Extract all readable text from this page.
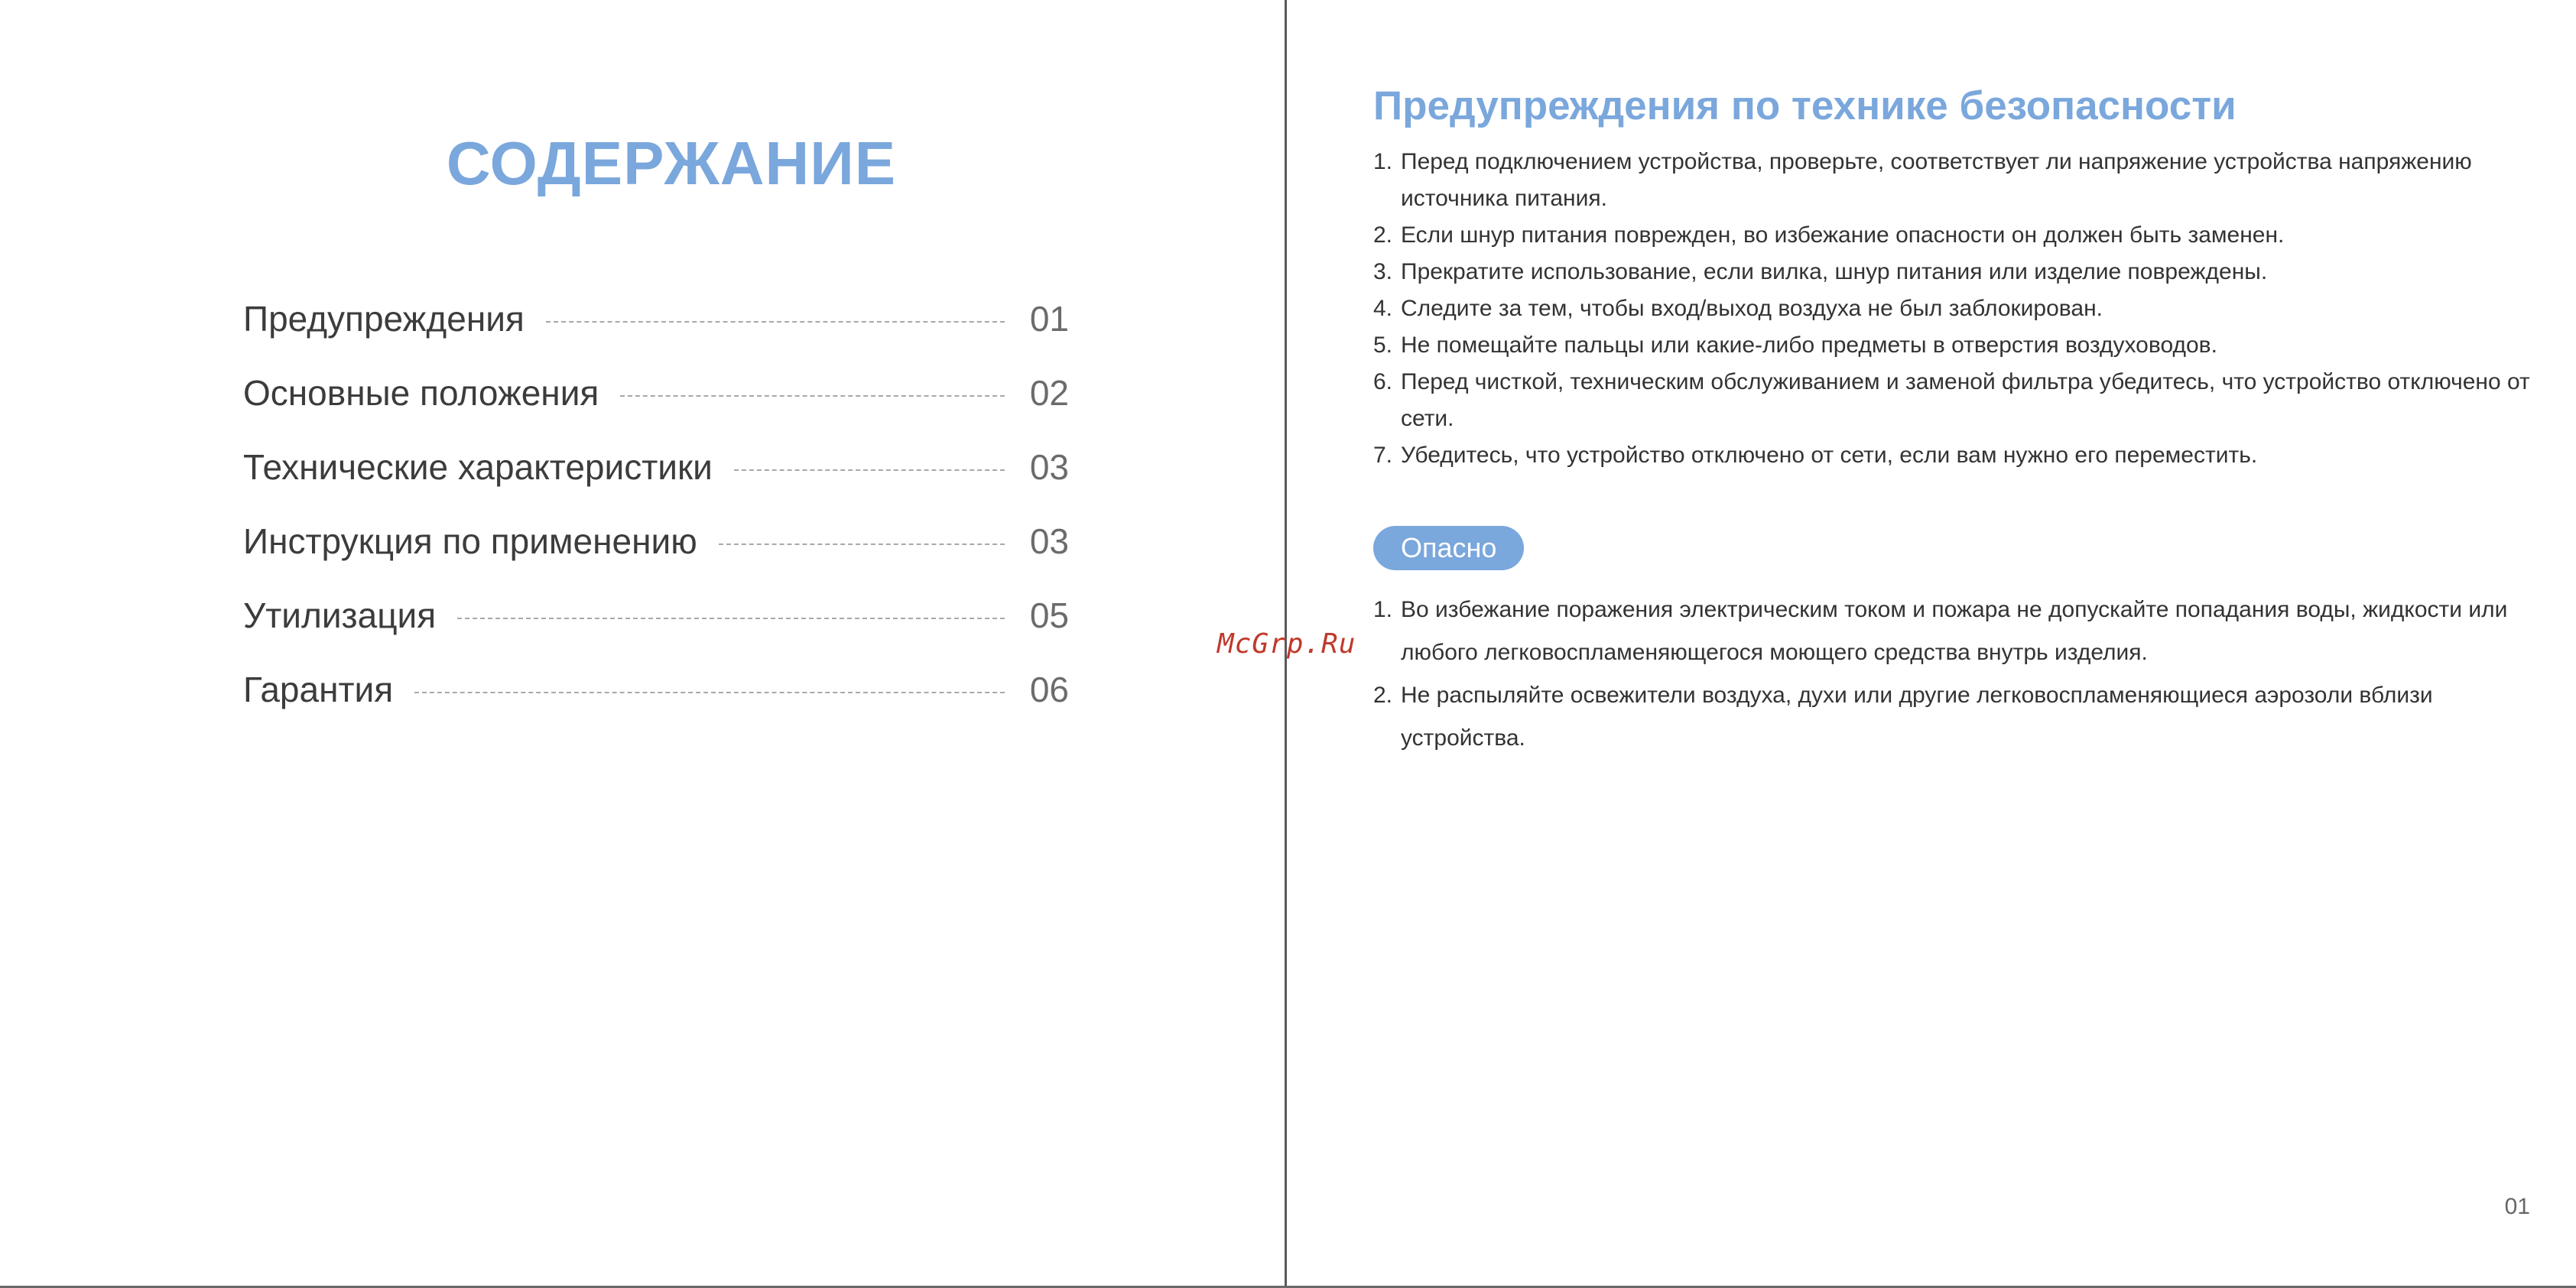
СОДЕРЖАНИЕ
Предупреждения	01
Основные положения	02
Технические характеристики	03
Инструкция по применению	03
Утилизация	05
Гарантия	06
Предупреждения по технике безопасности
1. Перед подключением устройства, проверьте, соответствует ли напряжение устройства напряжению источника питания.
2. Если шнур питания поврежден, во избежание опасности он должен быть заменен.
3. Прекратите использование, если вилка, шнур питания или изделие повреждены.
4. Следите за тем, чтобы вход/выход воздуха не был заблокирован.
5. Не помещайте пальцы или какие-либо предметы в отверстия воздуховодов.
6. Перед чисткой, техническим обслуживанием и заменой фильтра убедитесь, что устройство отключено от сети.
7. Убедитесь, что устройство отключено от сети, если вам нужно его переместить.
Опасно
1. Во избежание поражения электрическим током и пожара не допускайте попадания воды, жидкости или любого легковоспламеняющегося моющего средства внутрь изделия.
2. Не распыляйте освежители воздуха, духи или другие легковоспламеняющиеся аэрозоли вблизи устройства.
01
McGrp.Ru
